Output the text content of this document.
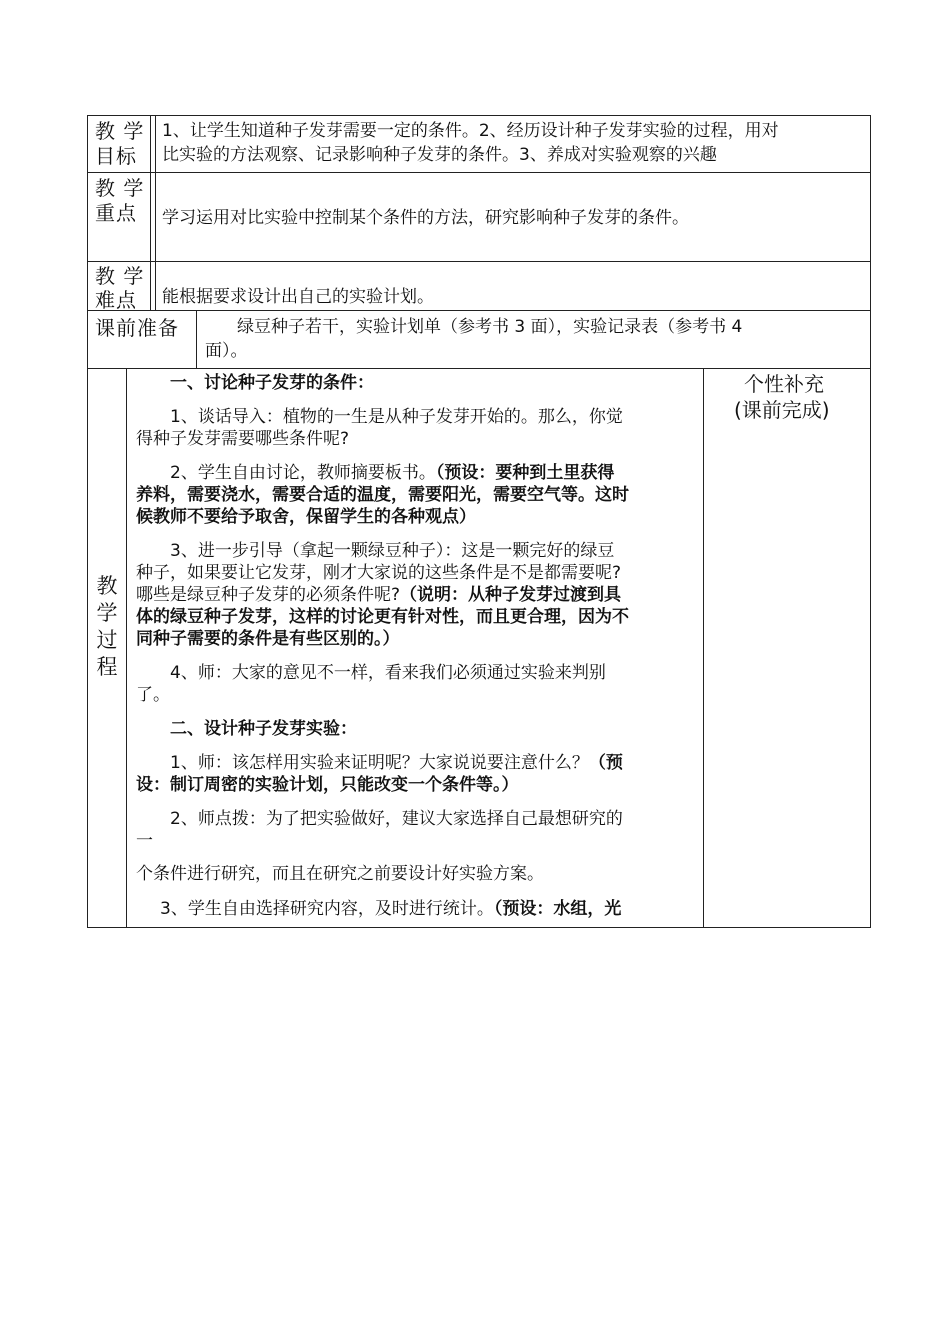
教 学
目标
1、让学生知道种子发芽需要一定的条件。2、经历设计种子发芽实验的过程，用对
比实验的方法观察、记录影响种子发芽的条件。3、养成对实验观察的兴趣
教 学
重点 学习运用对比实验中控制某个条件的方法，研究影响种子发芽的条件。
教 学
难点 能根据要求设计出自己的实验计划。
课前准备	绿豆种子若干，实验计划单（参考书 3 面），实验记录表（参考书 4
面）。
教
学
过
程
个性补充
(课前完成)
一、讨论种子发芽的条件：
1、谈话导入：植物的一生是从种子发芽开始的。那么，你觉
得种子发芽需要哪些条件呢?
2、学生自由讨论，教师摘要板书。（预设：要种到土里获得
养料，需要浇水，需要合适的温度，需要阳光，需要空气等。这时
候教师不要给予取舍，保留学生的各种观点）
3、进一步引导（拿起一颗绿豆种子）：这是一颗完好的绿豆
种子，如果要让它发芽，刚才大家说的这些条件是不是都需要呢?
哪些是绿豆种子发芽的必须条件呢?（说明：从种子发芽过渡到具
体的绿豆种子发芽，这样的讨论更有针对性，而且更合理，因为不
同种子需要的条件是有些区别的。）
4、师：大家的意见不一样，看来我们必须通过实验来判别
了。
二、设计种子发芽实验：
1、师：该怎样用实验来证明呢？大家说说要注意什么？（预
设：制订周密的实验计划，只能改变一个条件等。）
2、师点拨：为了把实验做好，建议大家选择自己最想研究的
一
个条件进行研究，而且在研究之前要设计好实验方案。
3、学生自由选择研究内容，及时进行统计。（预设：水组，光
